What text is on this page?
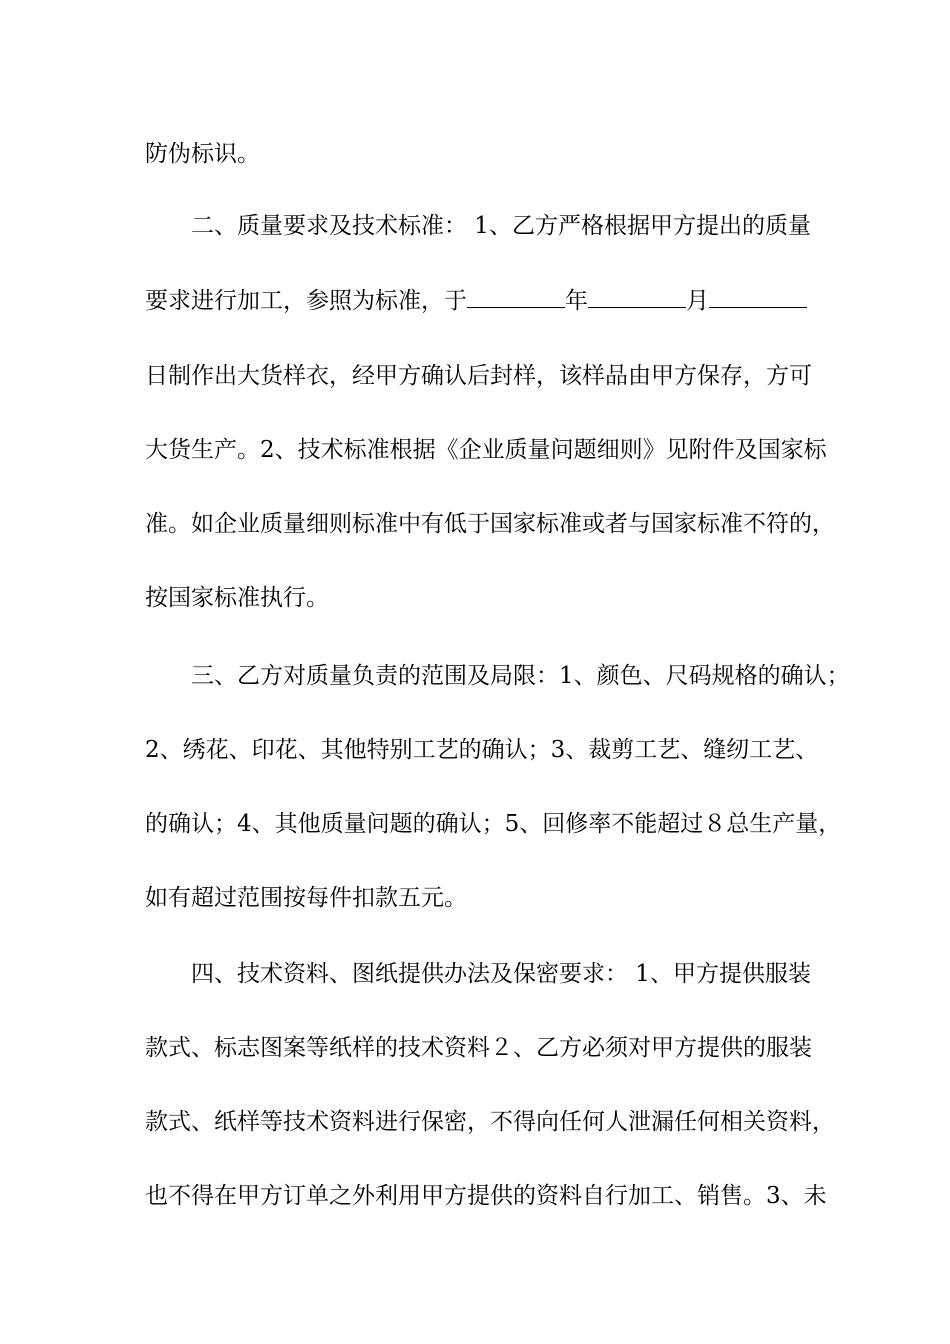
防伪标识。
二、质量要求及技术标准： 1、乙方严格根据甲方提出的质量
要求进行加工，参照为标准，于	年	月
日制作出大货样衣，经甲方确认后封样，该样品由甲方保存，方可
大货生产。2、技术标准根据《企业质量问题细则》见附件及国家标
准。如企业质量细则标准中有低于国家标准或者与国家标准不符的，
按国家标准执行。
三、乙方对质量负责的范围及局限：1、颜色、尺码规格的确认；
2、绣花、印花、其他特别工艺的确认；3、裁剪工艺、缝纫工艺、
的确认；4、其他质量问题的确认；5、回修率不能超过８总生产量，
如有超过范围按每件扣款五元。
四、技术资料、图纸提供办法及保密要求： 1、甲方提供服装
款式、标志图案等纸样的技术资料２、乙方必须对甲方提供的服装
款式、纸样等技术资料进行保密，不得向任何人泄漏任何相关资料，
也不得在甲方订单之外利用甲方提供的资料自行加工、销售。3、未
